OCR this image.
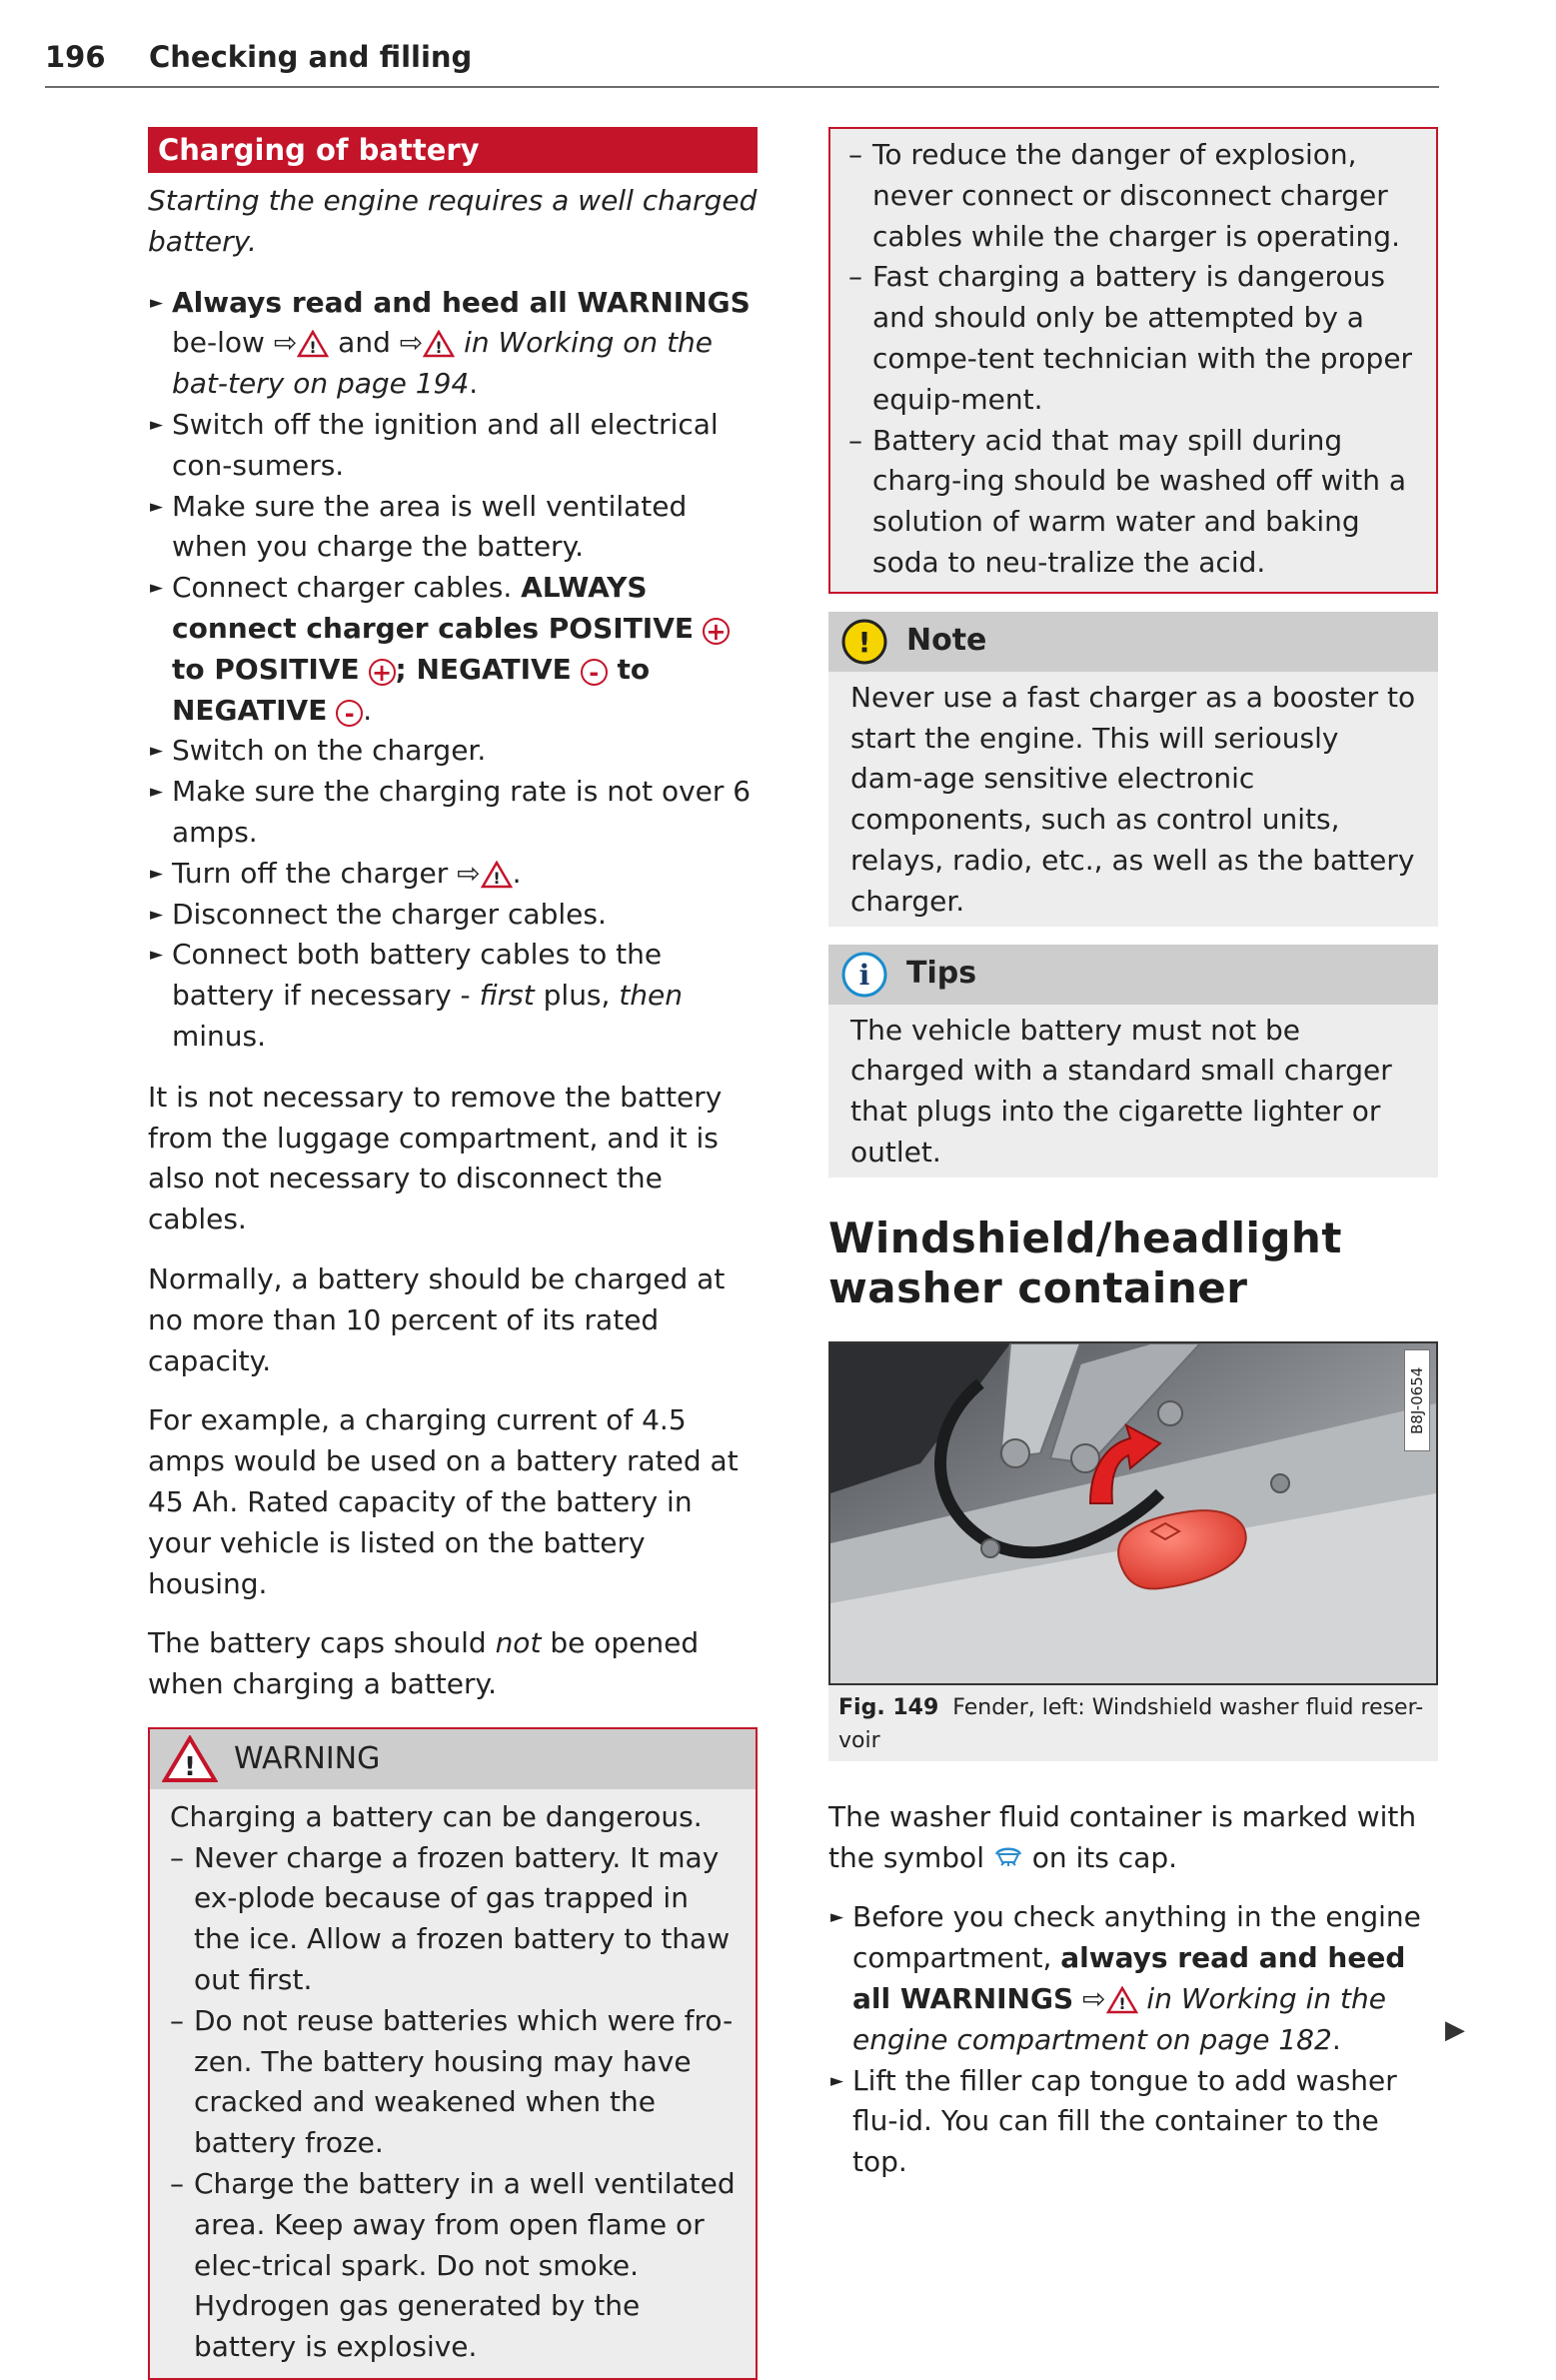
196 Checking and filling
Charging of battery

Starting the engine requires a well charged battery.

► Always read and heed all WARNINGS be-low ⇨ ! and ⇨ ! in Working on the bat-tery on page 194.
► Switch off the ignition and all electrical con-sumers.
► Make sure the area is well ventilated when you charge the battery.
► Connect charger cables. ALWAYS connect charger cables POSITIVE + to POSITIVE + ; NEGATIVE - to NEGATIVE - .
► Switch on the charger.
► Make sure the charging rate is not over 6 amps.
► Turn off the charger ⇨ ! .
► Disconnect the charger cables.
► Connect both battery cables to the battery if necessary - first plus, then minus.

It is not necessary to remove the battery from the luggage compartment, and it is also not necessary to disconnect the cables.

Normally, a battery should be charged at no more than 10 percent of its rated capacity.

For example, a charging current of 4.5 amps would be used on a battery rated at 45 Ah. Rated capacity of the battery in your vehicle is listed on the battery housing.

The battery caps should not be opened when charging a battery.

! WARNING
Charging a battery can be dangerous.
– Never charge a frozen battery. It may ex-plode because of gas trapped in the ice. Allow a frozen battery to thaw out first.
– Do not reuse batteries which were fro-zen. The battery housing may have cracked and weakened when the battery froze.
– Charge the battery in a well ventilated area. Keep away from open flame or elec-trical spark. Do not smoke. Hydrogen gas generated by the battery is explosive.
– To reduce the danger of explosion, never connect or disconnect charger cables while the charger is operating.
– Fast charging a battery is dangerous and should only be attempted by a compe-tent technician with the proper equip-ment.
– Battery acid that may spill during charg-ing should be washed off with a solution of warm water and baking soda to neu-tralize the acid.
! Note
Never use a fast charger as a booster to start the engine. This will seriously dam-age sensitive electronic components, such as control units, relays, radio, etc., as well as the battery charger.
i Tips
The vehicle battery must not be charged with a standard small charger that plugs into the cigarette lighter or outlet.
Windshield/headlight washer container
B8J-0654
Fig. 149 Fender, left: Windshield washer fluid reser-voir

The washer fluid container is marked with the symbol  on its cap.

► Before you check anything in the engine compartment, always read and heed all WARNINGS ⇨ ! in Working in the engine compartment on page 182.
► Lift the filler cap tongue to add washer flu-id. You can fill the container to the top.
▶
